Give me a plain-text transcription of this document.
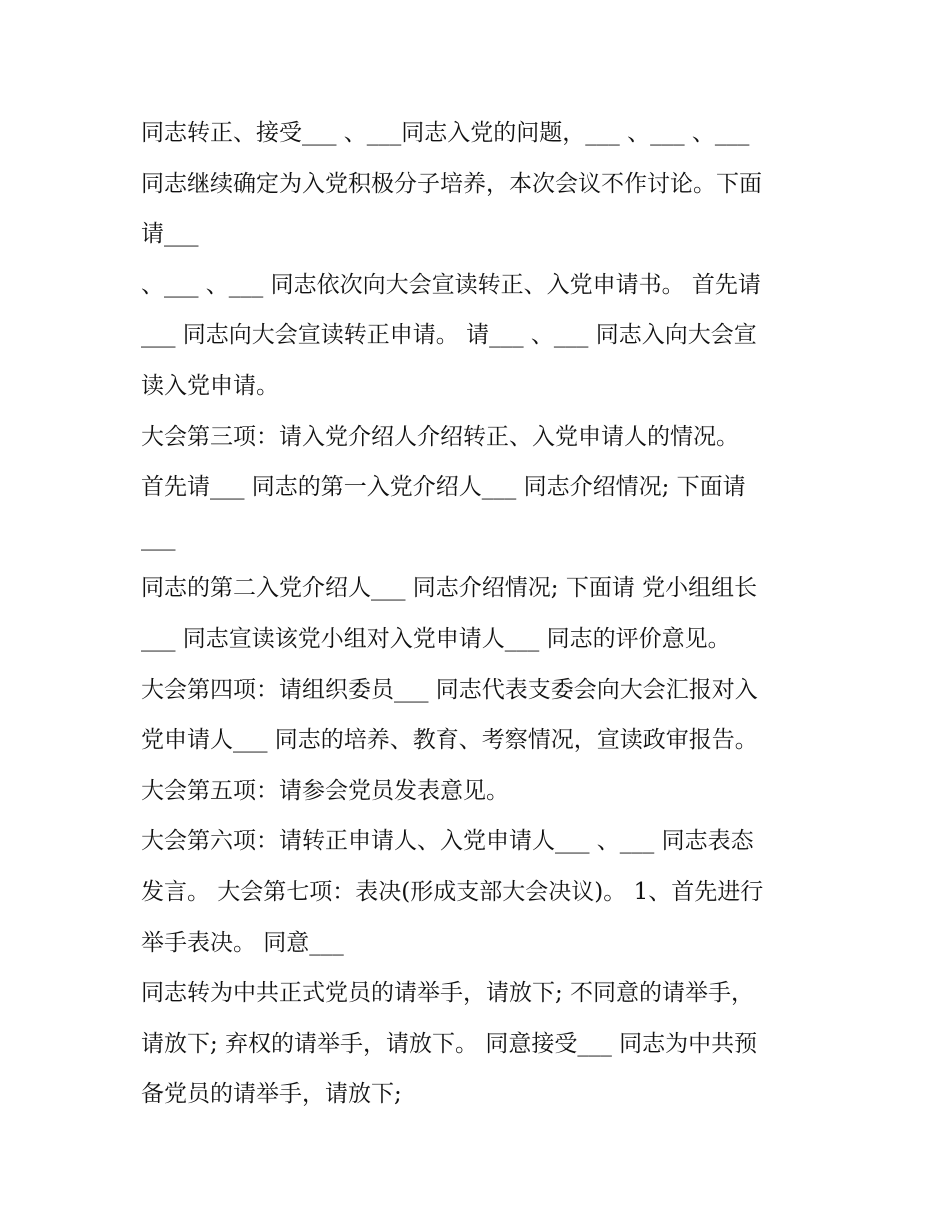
同志转正、接受___ 、___同志入党的问题，___ 、___ 、___
同志继续确定为入党积极分子培养，本次会议不作讨论。下面
请___
、___ 、___ 同志依次向大会宣读转正、入党申请书。 首先请
___ 同志向大会宣读转正申请。 请___ 、___ 同志入向大会宣
读入党申请。
大会第三项：请入党介绍人介绍转正、入党申请人的情况。
首先请___ 同志的第一入党介绍人___ 同志介绍情况; 下面请
___
同志的第二入党介绍人___ 同志介绍情况; 下面请 党小组组长
___ 同志宣读该党小组对入党申请人___ 同志的评价意见。
大会第四项：请组织委员___ 同志代表支委会向大会汇报对入
党申请人___ 同志的培养、教育、考察情况，宣读政审报告。
大会第五项：请参会党员发表意见。
大会第六项：请转正申请人、入党申请人___ 、___ 同志表态
发言。 大会第七项：表决(形成支部大会决议)。 1、首先进行
举手表决。 同意___
同志转为中共正式党员的请举手，请放下; 不同意的请举手，
请放下; 弃权的请举手，请放下。 同意接受___ 同志为中共预
备党员的请举手，请放下;
